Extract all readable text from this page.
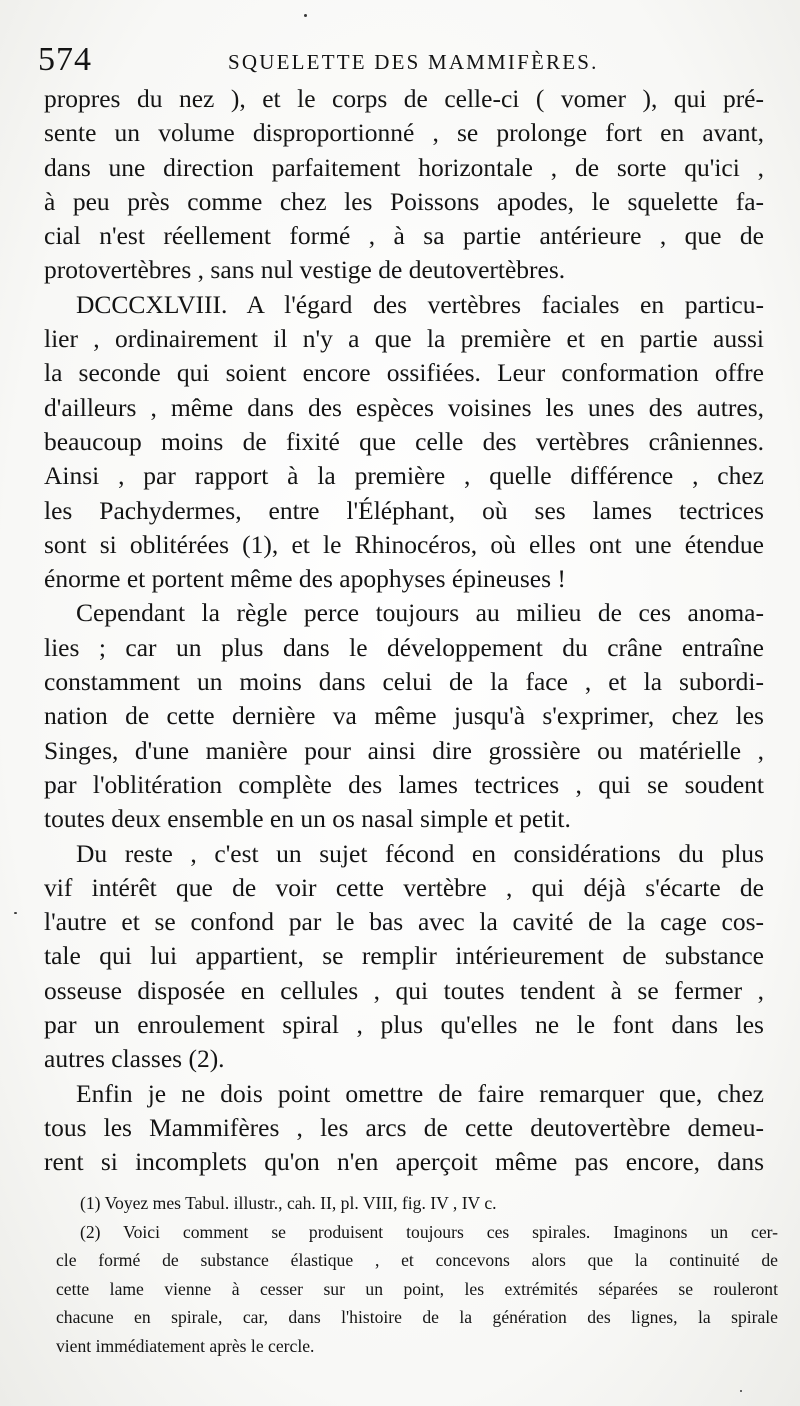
574	SQUELETTE DES MAMMIFÈRES.
propres du nez ), et le corps de celle-ci ( vomer ), qui pré-
sente un volume disproportionné , se prolonge fort en avant,
dans une direction parfaitement horizontale , de sorte qu'ici ,
à peu près comme chez les Poissons apodes, le squelette fa-
cial n'est réellement formé , à sa partie antérieure , que de
protovertèbres , sans nul vestige de deutovertèbres.
DCCCXLVIII. A l'égard des vertèbres faciales en particu-
lier , ordinairement il n'y a que la première et en partie aussi
la seconde qui soient encore ossifiées. Leur conformation offre
d'ailleurs , même dans des espèces voisines les unes des autres,
beaucoup moins de fixité que celle des vertèbres crâniennes.
Ainsi , par rapport à la première , quelle différence , chez
les Pachydermes, entre l'Éléphant, où ses lames tectrices
sont si oblitérées (1), et le Rhinocéros, où elles ont une étendue
énorme et portent même des apophyses épineuses !
Cependant la règle perce toujours au milieu de ces anoma-
lies ; car un plus dans le développement du crâne entraîne
constamment un moins dans celui de la face , et la subordi-
nation de cette dernière va même jusqu'à s'exprimer, chez les
Singes, d'une manière pour ainsi dire grossière ou matérielle ,
par l'oblitération complète des lames tectrices , qui se soudent
toutes deux ensemble en un os nasal simple et petit.
Du reste , c'est un sujet fécond en considérations du plus
vif intérêt que de voir cette vertèbre , qui déjà s'écarte de
l'autre et se confond par le bas avec la cavité de la cage cos-
tale qui lui appartient, se remplir intérieurement de substance
osseuse disposée en cellules , qui toutes tendent à se fermer ,
par un enroulement spiral , plus qu'elles ne le font dans les
autres classes (2).
Enfin je ne dois point omettre de faire remarquer que, chez
tous les Mammifères , les arcs de cette deutovertèbre demeu-
rent si incomplets qu'on n'en aperçoit même pas encore, dans
(1) Voyez mes Tabul. illustr., cah. II, pl. VIII, fig. IV , IV c.
(2) Voici comment se produisent toujours ces spirales. Imaginons un cer-
cle formé de substance élastique , et concevons alors que la continuité de
cette lame vienne à cesser sur un point, les extrémités séparées se rouleront
chacune en spirale, car, dans l'histoire de la génération des lignes, la spirale
vient immédiatement après le cercle.
